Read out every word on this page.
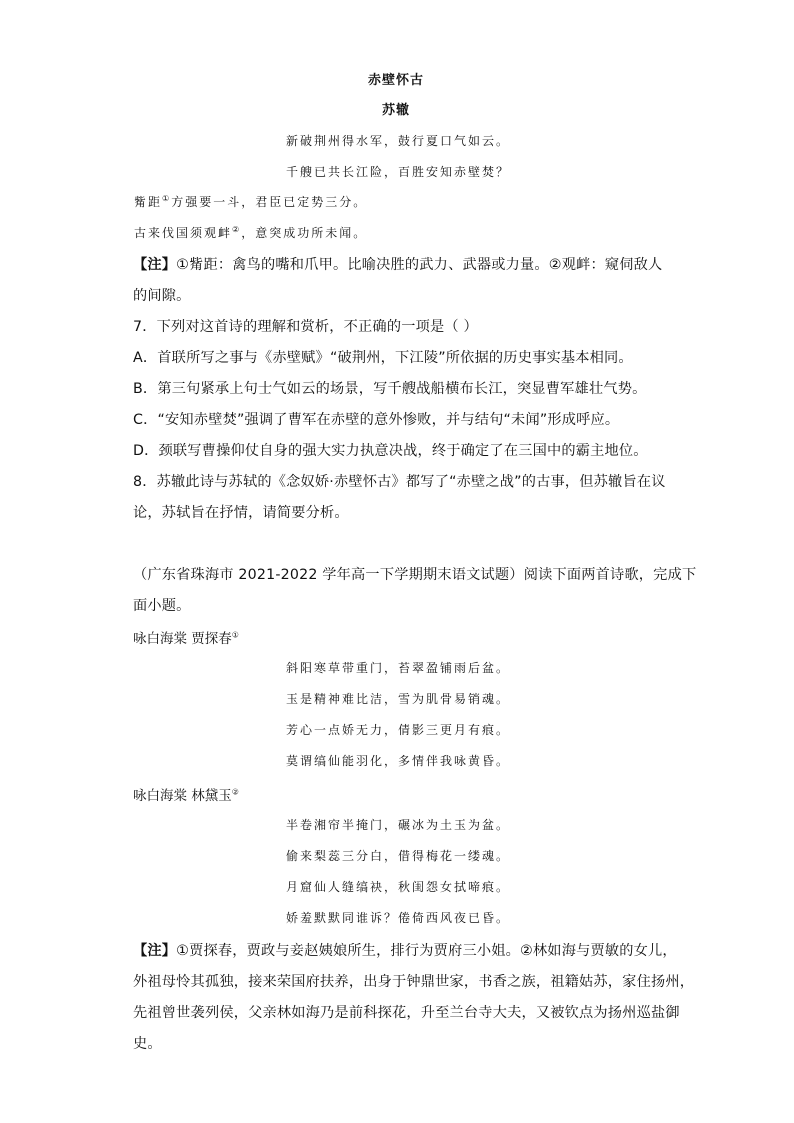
赤壁怀古
苏辙
新破荆州得水军，鼓行夏口气如云。
千艘已共长江险，百胜安知赤壁焚？
觜距①方强要一斗，君臣已定势三分。
古来伐国须观衅②，意突成功所未闻。
【注】①觜距：禽鸟的嘴和爪甲。比喻决胜的武力、武器或力量。②观衅：窥伺敌人
的间隙。
7．下列对这首诗的理解和赏析，不正确的一项是（ ）
A．首联所写之事与《赤壁赋》“破荆州，下江陵”所依据的历史事实基本相同。
B．第三句紧承上句士气如云的场景，写千艘战船横布长江，突显曹军雄壮气势。
C．“安知赤壁焚”强调了曹军在赤壁的意外惨败，并与结句“未闻”形成呼应。
D．颈联写曹操仰仗自身的强大实力执意决战，终于确定了在三国中的霸主地位。
8．苏辙此诗与苏轼的《念奴娇·赤壁怀古》都写了“赤壁之战”的古事，但苏辙旨在议
论，苏轼旨在抒情，请简要分析。
（广东省珠海市 2021-2022 学年高一下学期期末语文试题）阅读下面两首诗歌，完成下
面小题。
咏白海棠 贾探春①
斜阳寒草带重门，苔翠盈铺雨后盆。
玉是精神难比洁，雪为肌骨易销魂。
芳心一点娇无力，倩影三更月有痕。
莫谓缟仙能羽化，多情伴我咏黄昏。
咏白海棠 林黛玉②
半卷湘帘半掩门，碾冰为土玉为盆。
偷来梨蕊三分白，借得梅花一缕魂。
月窟仙人缝缟袂，秋闺怨女拭啼痕。
娇羞默默同谁诉？倦倚西风夜已昏。
【注】①贾探春，贾政与妾赵姨娘所生，排行为贾府三小姐。②林如海与贾敏的女儿，
外祖母怜其孤独，接来荣国府扶养，出身于钟鼎世家，书香之族，祖籍姑苏，家住扬州，
先祖曾世袭列侯，父亲林如海乃是前科探花，升至兰台寺大夫，又被钦点为扬州巡盐御
史。
